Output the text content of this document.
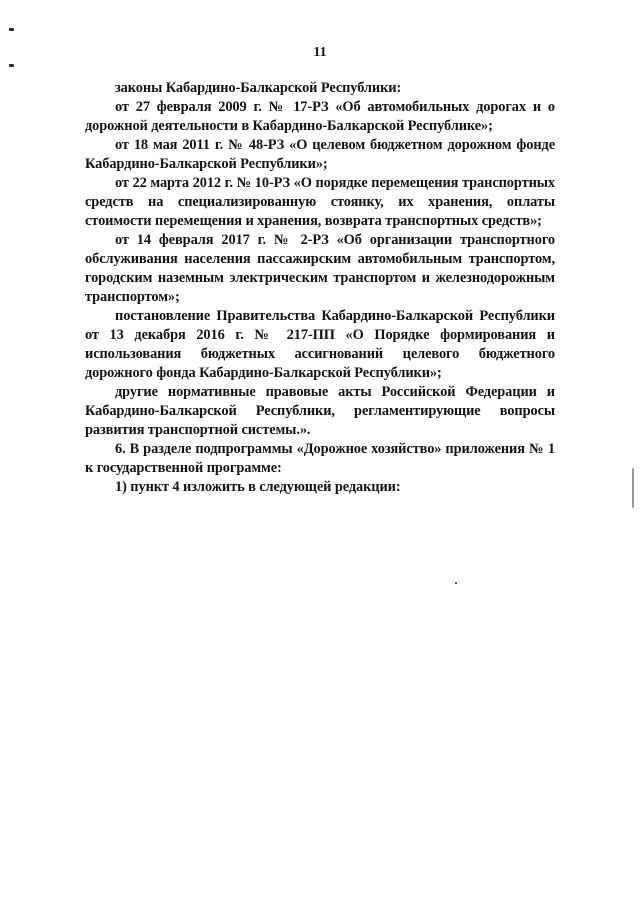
11

законы Кабардино-Балкарской Республики:

от 27 февраля 2009 г. № 17-РЗ «Об автомобильных дорогах и о дорожной деятельности в Кабардино-Балкарской Республике»;

от 18 мая 2011 г. № 48-РЗ «О целевом бюджетном дорожном фонде Кабардино-Балкарской Республики»;

от 22 марта 2012 г. № 10-РЗ «О порядке перемещения транспортных средств на специализированную стоянку, их хранения, оплаты стоимости перемещения и хранения, возврата транспортных средств»;

от 14 февраля 2017 г. № 2-РЗ «Об организации транспортного обслуживания населения пассажирским автомобильным транспортом, городским наземным электрическим транспортом и железнодорожным транспортом»;

постановление Правительства Кабардино-Балкарской Республики от 13 декабря 2016 г. № 217-ПП «О Порядке формирования и использования бюджетных ассигнований целевого бюджетного дорожного фонда Кабардино-Балкарской Республики»;

другие нормативные правовые акты Российской Федерации и Кабардино-Балкарской Республики, регламентирующие вопросы развития транспортной системы.».

6. В разделе подпрограммы «Дорожное хозяйство» приложения № 1 к государственной программе:

1) пункт 4 изложить в следующей редакции:
